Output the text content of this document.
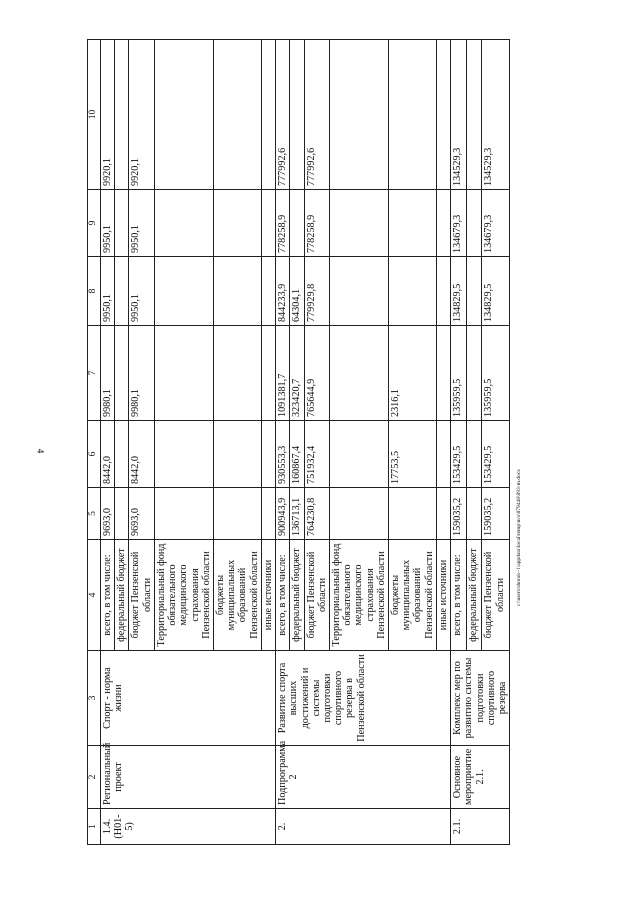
4
1	2	3	4	5	6	7	8	9	10
1.4. (Н01-5)	Региональный проект	Спорт - норма жизни	всего, в том числе:	9693,0	8442,0	9980,1	9950,1	9950,1	9920,1
			федеральный бюджет						
			бюджет Пензенской области	9693,0	8442,0	9980,1	9950,1	9950,1	9920,1
			Территориальный фонд обязательного медицинского страхования Пензенской области						
			бюджеты муниципальных образований Пензенской области						
			иные источники						
2.	Подпрограмма 2	Развитие спорта высших достижений и системы подготовки спортивного резерва в Пензенской области	всего, в том числе:	900943,9	930553,3	1091381,7	844233,9	778258,9	777992,6
			федеральный бюджет	136713,1	160867,4	323420,7	64304,1		
			бюджет Пензенской области	764230,8	751932,4	765644,9	779929,8	778258,9	777992,6
			Территориальный фонд обязательного медицинского страхования Пензенской области						
			бюджеты муниципальных образований Пензенской области		17753,5	2316,1			
			иные источники						
2.1.	Основное мероприятие 2.1.	Комплекс мер по развитию системы подготовки спортивного резерва	всего, в том числе:	159035,2	153429,5	135959,5	134829,5	134679,3	134529,3
			федеральный бюджет						
			бюджет Пензенской области	159035,2	153429,5	135959,5	134829,5	134679,3	134529,3
c:\users\shorak~1\appdata\local\temp\ncs\879448\893-m.docx
